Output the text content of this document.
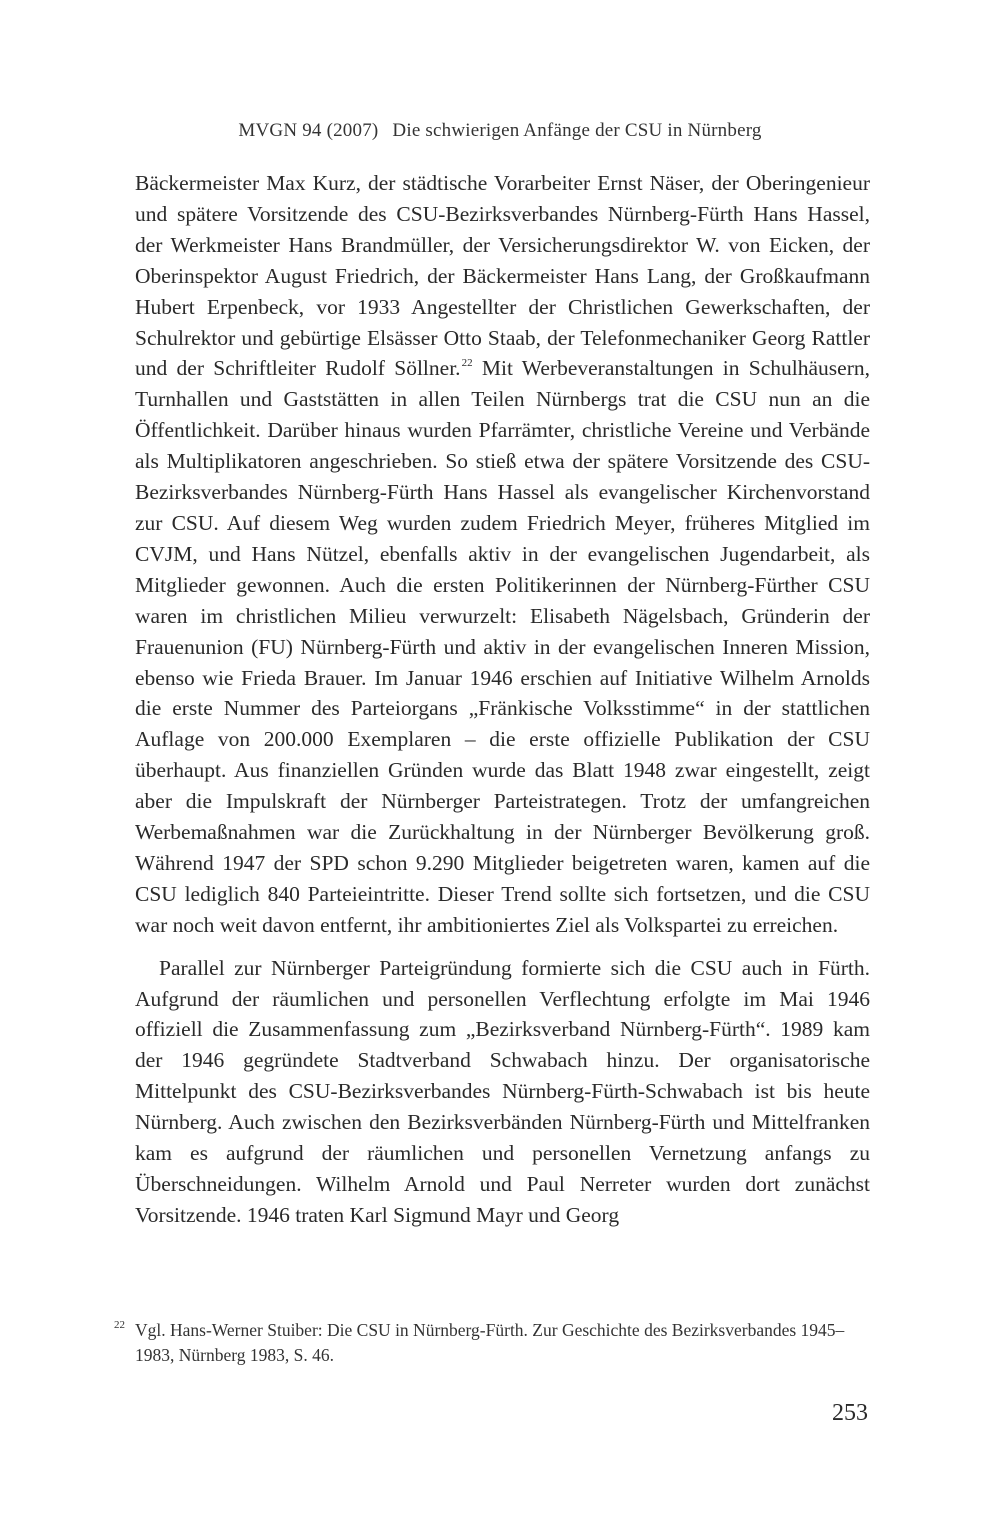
MVGN 94 (2007) Die schwierigen Anfänge der CSU in Nürnberg

Bäckermeister Max Kurz, der städtische Vorarbeiter Ernst Näser, der Oberingenieur und spätere Vorsitzende des CSU-Bezirksverbandes Nürnberg-Fürth Hans Hassel, der Werkmeister Hans Brandmüller, der Versicherungsdirektor W. von Eicken, der Oberinspektor August Friedrich, der Bäckermeister Hans Lang, der Großkaufmann Hubert Erpenbeck, vor 1933 Angestellter der Christlichen Gewerkschaften, der Schulrektor und gebürtige Elsässer Otto Staab, der Telefonmechaniker Georg Rattler und der Schriftleiter Rudolf Söllner.$^{22}$ Mit Werbeveranstaltungen in Schulhäusern, Turnhallen und Gaststätten in allen Teilen Nürnbergs trat die CSU nun an die Öffentlichkeit. Darüber hinaus wurden Pfarrämter, christliche Vereine und Verbände als Multiplikatoren angeschrieben. So stieß etwa der spätere Vorsitzende des CSU-Bezirksverbandes Nürnberg-Fürth Hans Hassel als evangelischer Kirchenvorstand zur CSU. Auf diesem Weg wurden zudem Friedrich Meyer, früheres Mitglied im CVJM, und Hans Nützel, ebenfalls aktiv in der evangelischen Jugendarbeit, als Mitglieder gewonnen. Auch die ersten Politikerinnen der Nürnberg-Fürther CSU waren im christlichen Milieu verwurzelt: Elisabeth Nägelsbach, Gründerin der Frauenunion (FU) Nürnberg-Fürth und aktiv in der evangelischen Inneren Mission, ebenso wie Frieda Brauer. Im Januar 1946 erschien auf Initiative Wilhelm Arnolds die erste Nummer des Parteiorgans „Fränkische Volksstimme“ in der stattlichen Auflage von 200.000 Exemplaren – die erste offizielle Publikation der CSU überhaupt. Aus finanziellen Gründen wurde das Blatt 1948 zwar eingestellt, zeigt aber die Impulskraft der Nürnberger Parteistrategen. Trotz der umfangreichen Werbemaßnahmen war die Zurückhaltung in der Nürnberger Bevölkerung groß. Während 1947 der SPD schon 9.290 Mitglieder beigetreten waren, kamen auf die CSU lediglich 840 Parteieintritte. Dieser Trend sollte sich fortsetzen, und die CSU war noch weit davon entfernt, ihr ambitioniertes Ziel als Volkspartei zu erreichen.

Parallel zur Nürnberger Parteigründung formierte sich die CSU auch in Fürth. Aufgrund der räumlichen und personellen Verflechtung erfolgte im Mai 1946 offiziell die Zusammenfassung zum „Bezirksverband Nürnberg-Fürth“. 1989 kam der 1946 gegründete Stadtverband Schwabach hinzu. Der organisatorische Mittelpunkt des CSU-Bezirksverbandes Nürnberg-Fürth-Schwabach ist bis heute Nürnberg. Auch zwischen den Bezirksverbänden Nürnberg-Fürth und Mittelfranken kam es aufgrund der räumlichen und personellen Vernetzung anfangs zu Überschneidungen. Wilhelm Arnold und Paul Nerreter wurden dort zunächst Vorsitzende. 1946 traten Karl Sigmund Mayr und Georg

22 Vgl. Hans-Werner Stuiber: Die CSU in Nürnberg-Fürth. Zur Geschichte des Bezirksverbandes 1945–1983, Nürnberg 1983, S. 46.
253
